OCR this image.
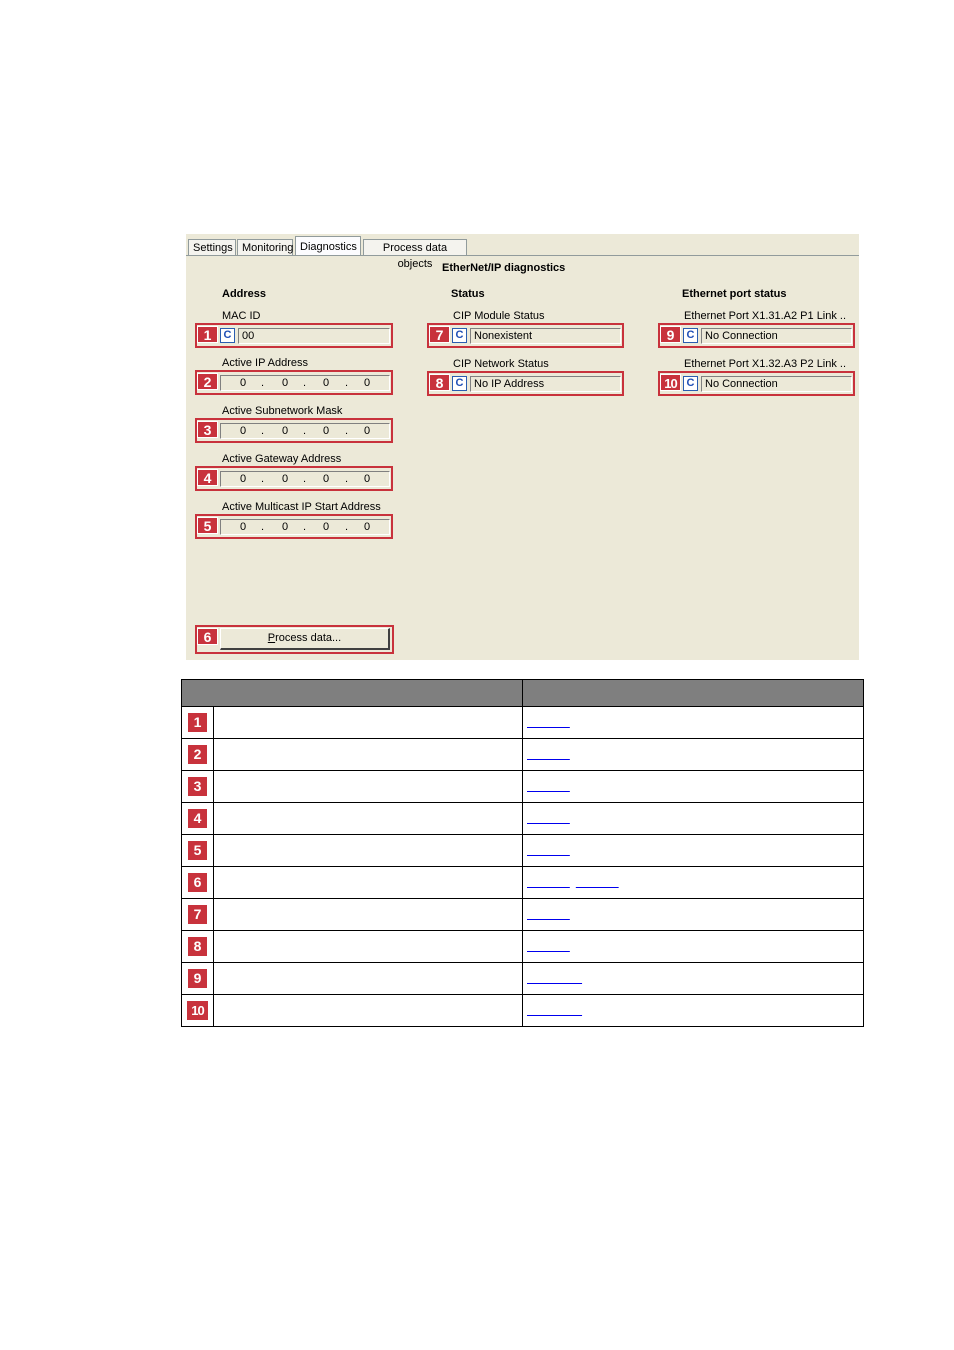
Settings Monitoring Diagnostics	Process data objects EtherNet/IP diagnostics
Address	Status	Ethernet port status
MAC ID
1	C 00
Active IP Address
2	0 . 0 . 0 . 0
Active Subnetwork Mask
3	0 . 0 . 0 . 0
Active Gateway Address
4	0 . 0 . 0 . 0
Active Multicast IP Start Address
5	0 . 0 . 0 . 0
6	Process data...
CIP Module Status
7	C Nonexistent
CIP Network Status
8	C No IP Address
Ethernet Port X1.31.A2 P1 Link ..
9	C No Connection
Ethernet Port X1.32.A3 P2 Link ..
10 C No Connection

1		

2		

3		

4		

5		

6		

7		

8		

9		

10		
